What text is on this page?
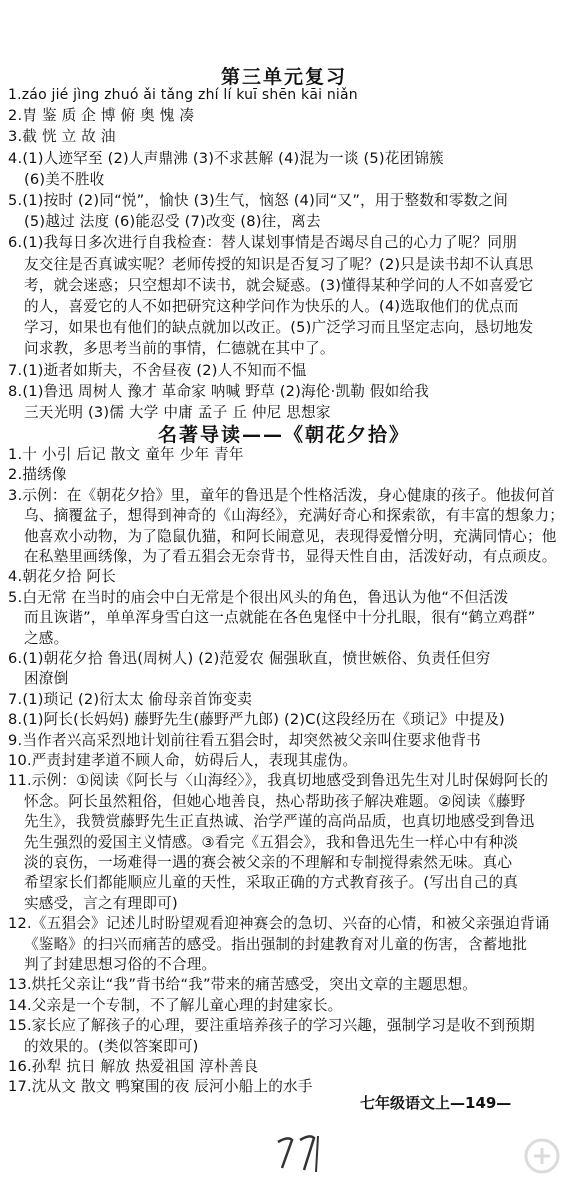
第三单元复习
1.záo jié jìng zhuó ǎi tǎng zhí lí kuī shēn kāi niǎn
2.胄 鉴 质 企 博 俯 奥 愧 凑
3.截 恍 立 故 油
4.(1)人迹罕至 (2)人声鼎沸 (3)不求甚解 (4)混为一谈 (5)花团锦簇
(6)美不胜收
5.(1)按时 (2)同“悦”，愉快 (3)生气，恼怒 (4)同“又”，用于整数和零数之间
(5)越过 法度 (6)能忍受 (7)改变 (8)往，离去
6.(1)我每日多次进行自我检查：替人谋划事情是否竭尽自己的心力了呢？同朋
友交往是否真诚实呢？老师传授的知识是否复习了呢？(2)只是读书却不认真思
考，就会迷惑；只空想却不读书，就会疑惑。(3)懂得某种学问的人不如喜爱它
的人，喜爱它的人不如把研究这种学问作为快乐的人。(4)选取他们的优点而
学习，如果也有他们的缺点就加以改正。(5)广泛学习而且坚定志向，恳切地发
问求教，多思考当前的事情，仁德就在其中了。
7.(1)逝者如斯夫，不舍昼夜 (2)人不知而不愠
8.(1)鲁迅 周树人 豫才 革命家 呐喊 野草 (2)海伦·凯勒 假如给我
三天光明 (3)儒 大学 中庸 孟子 丘 仲尼 思想家
名著导读——《朝花夕拾》
1.十 小引 后记 散文 童年 少年 青年
2.描绣像
3.示例：在《朝花夕拾》里，童年的鲁迅是个性格活泼，身心健康的孩子。他拔何首
乌、摘覆盆子，想得到神奇的《山海经》，充满好奇心和探索欲，有丰富的想象力；
他喜欢小动物，为了隐鼠仇猫，和阿长闹意见，表现得爱憎分明，充满同情心；他
在私塾里画绣像，为了看五猖会无奈背书，显得天性自由，活泼好动，有点顽皮。
4.朝花夕拾 阿长
5.白无常 在当时的庙会中白无常是个很出风头的角色，鲁迅认为他“不但活泼
而且诙谐”，单单浑身雪白这一点就能在各色鬼怪中十分扎眼，很有“鹤立鸡群”
之感。
6.(1)朝花夕拾 鲁迅(周树人) (2)范爱农 倔强耿直，愤世嫉俗、负责任但穷
困潦倒
7.(1)琐记 (2)衍太太 偷母亲首饰变卖
8.(1)阿长(长妈妈) 藤野先生(藤野严九郎) (2)C(这段经历在《琐记》中提及)
9.当作者兴高采烈地计划前往看五猖会时，却突然被父亲叫住要求他背书
10.严责封建孝道不顾人命，妨碍后人，表现其虚伪。
11.示例：①阅读《阿长与〈山海经〉》，我真切地感受到鲁迅先生对儿时保姆阿长的
怀念。阿长虽然粗俗，但她心地善良，热心帮助孩子解决难题。②阅读《藤野
先生》，我赞赏藤野先生正直热诚、治学严谨的高尚品质，也真切地感受到鲁迅
先生强烈的爱国主义情感。③看完《五猖会》，我和鲁迅先生一样心中有种淡
淡的哀伤，一场难得一遇的赛会被父亲的不理解和专制搅得索然无味。真心
希望家长们都能顺应儿童的天性，采取正确的方式教育孩子。(写出自己的真
实感受，言之有理即可)
12.《五猖会》记述儿时盼望观看迎神赛会的急切、兴奋的心情，和被父亲强迫背诵
《鉴略》的扫兴而痛苦的感受。指出强制的封建教育对儿童的伤害，含蓄地批
判了封建思想习俗的不合理。
13.烘托父亲让“我”背书给“我”带来的痛苦感受，突出文章的主题思想。
14.父亲是一个专制，不了解儿童心理的封建家长。
15.家长应了解孩子的心理，要注重培养孩子的学习兴趣，强制学习是收不到预期
的效果的。(类似答案即可)
16.孙犁 抗日 解放 热爱祖国 淳朴善良
17.沈从文 散文 鸭窠围的夜 辰河小船上的水手
七年级语文上—149—
